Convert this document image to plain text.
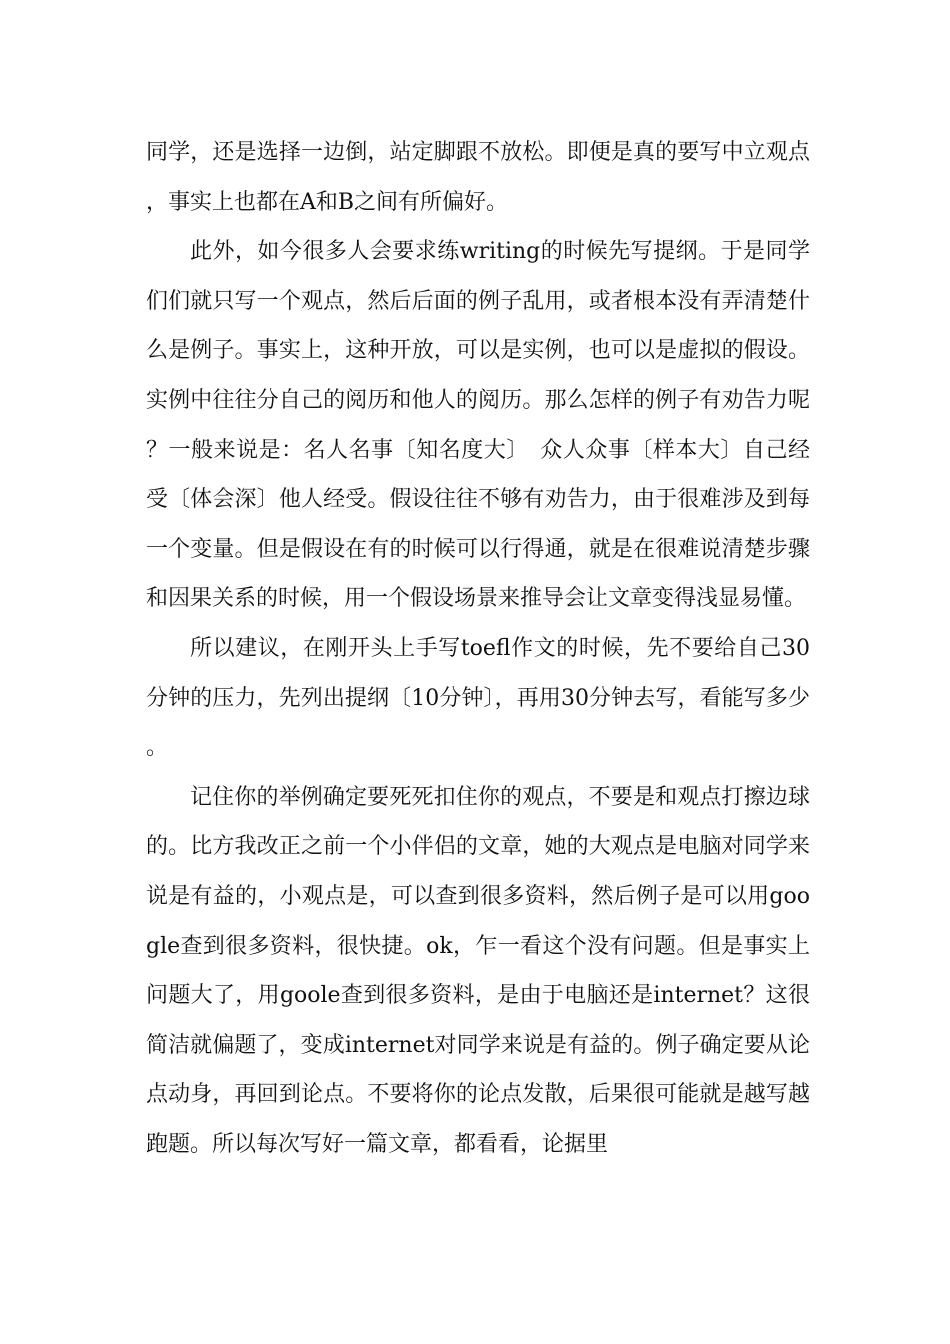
同学，还是选择一边倒，站定脚跟不放松。即便是真的要写中立观点，事实上也都在A和B之间有所偏好。

此外，如今很多人会要求练writing的时候先写提纲。于是同学们们就只写一个观点，然后后面的例子乱用，或者根本没有弄清楚什么是例子。事实上，这种开放，可以是实例，也可以是虚拟的假设。实例中往往分自己的阅历和他人的阅历。那么怎样的例子有劝告力呢？一般来说是：名人名事〔知名度大〕　众人众事〔样本大〕自己经受〔体会深〕他人经受。假设往往不够有劝告力，由于很难涉及到每一个变量。但是假设在有的时候可以行得通，就是在很难说清楚步骤和因果关系的时候，用一个假设场景来推导会让文章变得浅显易懂。

所以建议，在刚开头上手写toefl作文的时候，先不要给自己30分钟的压力，先列出提纲〔10分钟〕，再用30分钟去写，看能写多少。

记住你的举例确定要死死扣住你的观点，不要是和观点打擦边球的。比方我改正之前一个小伴侣的文章，她的大观点是电脑对同学来说是有益的，小观点是，可以查到很多资料，然后例子是可以用google查到很多资料，很快捷。ok，乍一看这个没有问题。但是事实上问题大了，用goole查到很多资料，是由于电脑还是internet？这很简洁就偏题了，变成internet对同学来说是有益的。例子确定要从论点动身，再回到论点。不要将你的论点发散，后果很可能就是越写越跑题。所以每次写好一篇文章，都看看，论据里
